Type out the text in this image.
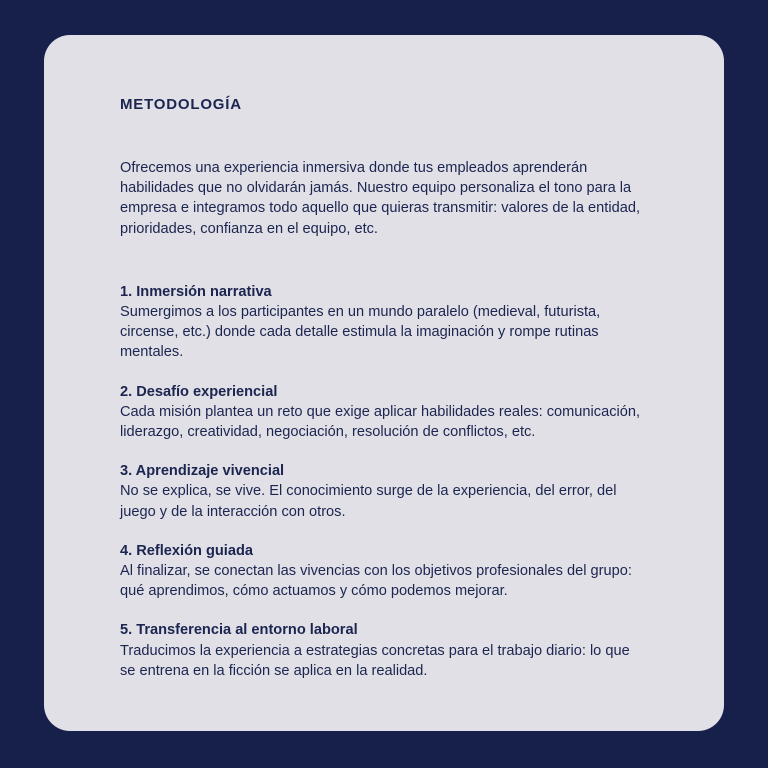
METODOLOGÍA

Ofrecemos una experiencia inmersiva donde tus empleados aprenderán habilidades que no olvidarán jamás. Nuestro equipo personaliza el tono para la empresa e integramos todo aquello que quieras transmitir: valores de la entidad, prioridades, confianza en el equipo, etc.

1. Inmersión narrativa

Sumergimos a los participantes en un mundo paralelo (medieval, futurista, circense, etc.) donde cada detalle estimula la imaginación y rompe rutinas mentales.

2. Desafío experiencial

Cada misión plantea un reto que exige aplicar habilidades reales: comunicación, liderazgo, creatividad, negociación, resolución de conflictos, etc.

3. Aprendizaje vivencial

No se explica, se vive. El conocimiento surge de la experiencia, del error, del juego y de la interacción con otros.

4. Reflexión guiada

Al finalizar, se conectan las vivencias con los objetivos profesionales del grupo: qué aprendimos, cómo actuamos y cómo podemos mejorar.

5. Transferencia al entorno laboral

Traducimos la experiencia a estrategias concretas para el trabajo diario: lo que se entrena en la ficción se aplica en la realidad.
